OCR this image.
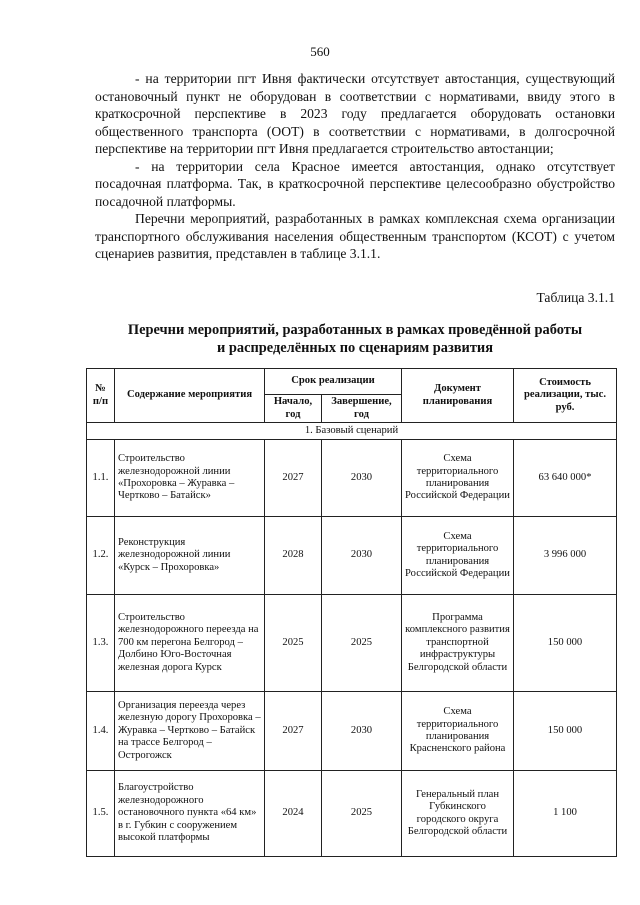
560

- на территории пгт Ивня фактически отсутствует автостанция, существующий остановочный пункт не оборудован в соответствии с нормативами, ввиду этого в краткосрочной перспективе в 2023 году предлагается оборудовать остановки общественного транспорта (ООТ) в соответствии с нормативами, в долгосрочной перспективе на территории пгт Ивня предлагается строительство автостанции;

- на территории села Красное имеется автостанция, однако отсутствует посадочная платформа. Так, в краткосрочной перспективе целесообразно обустройство посадочной платформы.

Перечни мероприятий, разработанных в рамках комплексная схема организации транспортного обслуживания населения общественным транспортом (КСОТ) с учетом сценариев развития, представлен в таблице 3.1.1.

Таблица 3.1.1
Перечни мероприятий, разработанных в рамках проведённой работы
и распределённых по сценариям развития
№ п/п	Содержание мероприятия	Срок реализации		Документ планирования	Стоимость реализации, тыс. руб.
		Начало, год	Завершение, год		
1. Базовый сценарий					
1.1.	Строительство железнодорожной линии «Прохоровка – Журавка – Чертково – Батайск»	2027	2030	Схема территориального планирования Российской Федерации	63 640 000*
1.2.	Реконструкция железнодорожной линии «Курск – Прохоровка»	2028	2030	Схема территориального планирования Российской Федерации	3 996 000
1.3.	Строительство железнодорожного переезда на 700 км перегона Белгород – Долбино Юго-Восточная железная дорога Курск	2025	2025	Программа комплексного развития транспортной инфраструктуры Белгородской области	150 000
1.4.	Организация переезда через железную дорогу Прохоровка – Журавка – Чертково – Батайск на трассе Белгород – Острогожск	2027	2030	Схема территориального планирования Красненского района	150 000
1.5.	Благоустройство железнодорожного остановочного пункта «64 км» в г. Губкин с сооружением высокой платформы	2024	2025	Генеральный план Губкинского городского округа Белгородской области	1 100
